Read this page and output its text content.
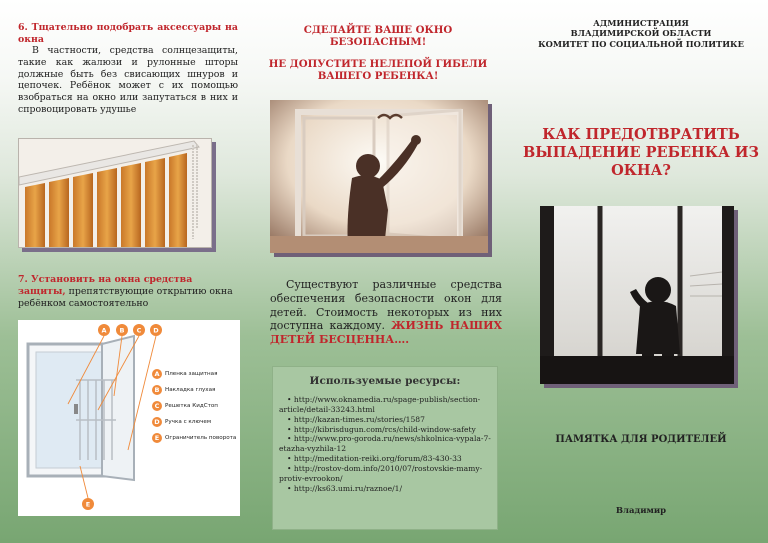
6. Тщательно подобрать аксессуары на окна
В частности, средства солнцезащиты, такие как жалюзи и рулонные шторы должные быть без свисающих шнуров и цепочек. Ребёнок может с их помощью взобраться на окно или запутаться в них и спровоцировать удушье
7. Установить на окна средства защиты, препятствующие открытию окна ребёнком самостоятельно
A B C D
E
A Пленка защитная
B Накладка глухая
C	Решетка КидСтоп
D Ручка с ключем
E	Ограничитель поворота
СДЕЛАЙТЕ ВАШЕ ОКНО БЕЗОПАСНЫМ!
НЕ ДОПУСТИТЕ НЕЛЕПОЙ ГИБЕЛИ ВАШЕГО РЕБЕНКА!
Существуют различные средства обеспечения безопасности окон для детей. Стоимость некоторых из них доступна каждому. ЖИЗНЬ НАШИХ ДЕТЕЙ БЕСЦЕННА….
Используемые ресурсы:
• http://www.oknamedia.ru/spage-publish/section-article/detail-33243.html
• http://kazan-times.ru/stories/1587
• http://kibrisdugun.com/rcs/child-window-safety
• http://www.pro-goroda.ru/news/shkolnica-vypala-7-etazha-vyzhila-12
• http://meditation-reiki.org/forum/83-430-33
• http://rostov-dom.info/2010/07/rostovskie-mamy-protiv-evrookon/
• http://ks63.umi.ru/raznoe/1/
АДМИНИСТРАЦИЯ
ВЛАДИМИРСКОЙ ОБЛАСТИ
КОМИТЕТ ПО СОЦИАЛЬНОЙ ПОЛИТИКЕ
КАК ПРЕДОТВРАТИТЬ ВЫПАДЕНИЕ РЕБЕНКА ИЗ ОКНА?
ПАМЯТКА ДЛЯ РОДИТЕЛЕЙ
Владимир
